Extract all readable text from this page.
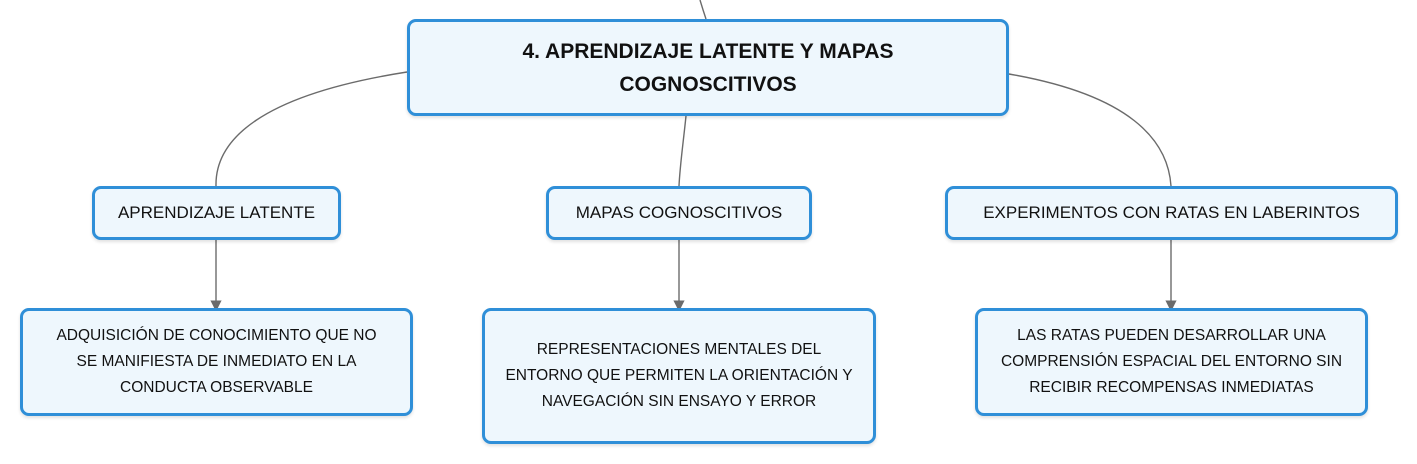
4. APRENDIZAJE LATENTE Y MAPAS
COGNOSCITIVOS
APRENDIZAJE LATENTE	MAPAS COGNOSCITIVOS	EXPERIMENTOS CON RATAS EN LABERINTOS
ADQUISICIÓN DE CONOCIMIENTO QUE NO
SE MANIFIESTA DE INMEDIATO EN LA
CONDUCTA OBSERVABLE
REPRESENTACIONES MENTALES DEL
ENTORNO QUE PERMITEN LA ORIENTACIÓN Y
NAVEGACIÓN SIN ENSAYO Y ERROR
LAS RATAS PUEDEN DESARROLLAR UNA
COMPRENSIÓN ESPACIAL DEL ENTORNO SIN
RECIBIR RECOMPENSAS INMEDIATAS
